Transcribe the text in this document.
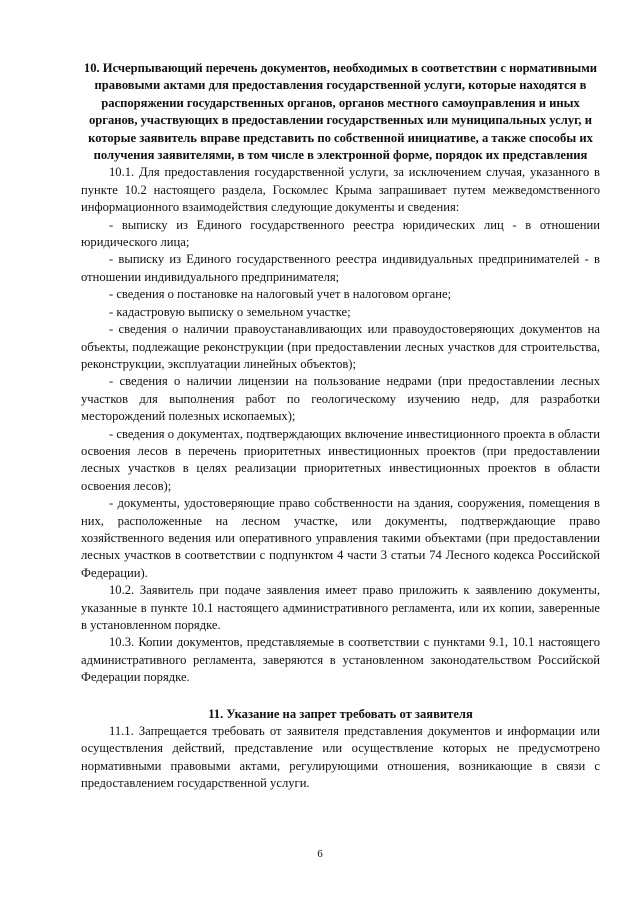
10. Исчерпывающий перечень документов, необходимых в соответствии с нормативными правовыми актами для предоставления государственной услуги, которые находятся в распоряжении государственных органов, органов местного самоуправления и иных органов, участвующих в предоставлении государственных или муниципальных услуг, и которые заявитель вправе представить по собственной инициативе, а также способы их получения заявителями, в том числе в электронной форме, порядок их представления

10.1. Для предоставления государственной услуги, за исключением случая, указанного в пункте 10.2 настоящего раздела, Госкомлес Крыма запрашивает путем межведомственного информационного взаимодействия следующие документы и сведения:

- выписку из Единого государственного реестра юридических лиц - в отношении юридического лица;

- выписку из Единого государственного реестра индивидуальных предпринимателей - в отношении индивидуального предпринимателя;

- сведения о постановке на налоговый учет в налоговом органе;

- кадастровую выписку о земельном участке;

- сведения о наличии правоустанавливающих или правоудостоверяющих документов на объекты, подлежащие реконструкции (при предоставлении лесных участков для строительства, реконструкции, эксплуатации линейных объектов);

- сведения о наличии лицензии на пользование недрами (при предоставлении лесных участков для выполнения работ по геологическому изучению недр, для разработки месторождений полезных ископаемых);

- сведения о документах, подтверждающих включение инвестиционного проекта в области освоения лесов в перечень приоритетных инвестиционных проектов (при предоставлении лесных участков в целях реализации приоритетных инвестиционных проектов в области освоения лесов);

- документы, удостоверяющие право собственности на здания, сооружения, помещения в них, расположенные на лесном участке, или документы, подтверждающие право хозяйственного ведения или оперативного управления такими объектами (при предоставлении лесных участков в соответствии с подпунктом 4 части 3 статьи 74 Лесного кодекса Российской Федерации).

10.2. Заявитель при подаче заявления имеет право приложить к заявлению документы, указанные в пункте 10.1 настоящего административного регламента, или их копии, заверенные в установленном порядке.

10.3. Копии документов, представляемые в соответствии с пунктами 9.1, 10.1 настоящего административного регламента, заверяются в установленном законодательством Российской Федерации порядке.

11. Указание на запрет требовать от заявителя

11.1. Запрещается требовать от заявителя представления документов и информации или осуществления действий, представление или осуществление которых не предусмотрено нормативными правовыми актами, регулирующими отношения, возникающие в связи с предоставлением государственной услуги.

6
